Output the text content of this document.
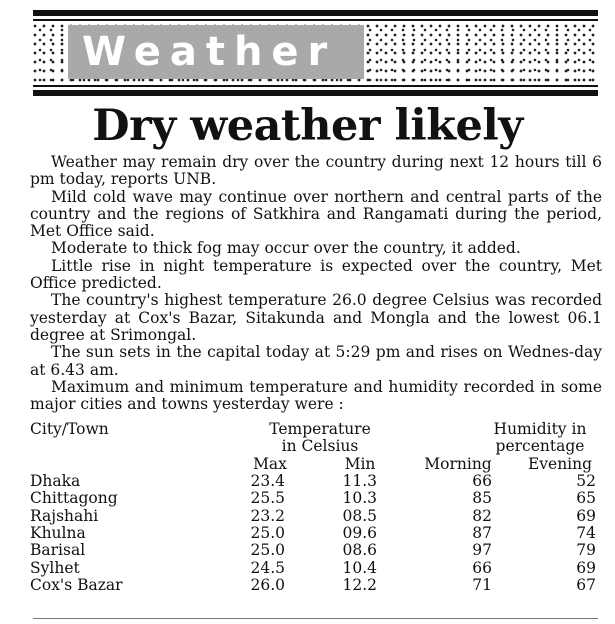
Weather
Dry weather likely

Weather may remain dry over the country during next 12 hours till 6 pm today, reports UNB.

Mild cold wave may continue over northern and central parts of the country and the regions of Satkhira and Rangamati during the period, Met Office said.

Moderate to thick fog may occur over the country, it added.

Little rise in night temperature is expected over the country, Met Office predicted.

The country's highest temperature 26.0 degree Celsius was recorded yesterday at Cox's Bazar, Sitakunda and Mongla and the lowest 06.1 degree at Srimongal.

The sun sets in the capital today at 5:29 pm and rises on Wednes-day at 6.43 am.

Maximum and minimum temperature and humidity recorded in some major cities and towns yesterday were :

City/Town	Temperature
in Celsius
Humidity in
percentage
Max	Min	Morning	Evening
Dhaka	23.4	11.3	66	52
Chittagong	25.5	10.3	85	65
Rajshahi	23.2	08.5	82	69
Khulna	25.0	09.6	87	74
Barisal	25.0	08.6	97	79
Sylhet	24.5	10.4	66	69
Cox's Bazar	26.0	12.2	71	67
